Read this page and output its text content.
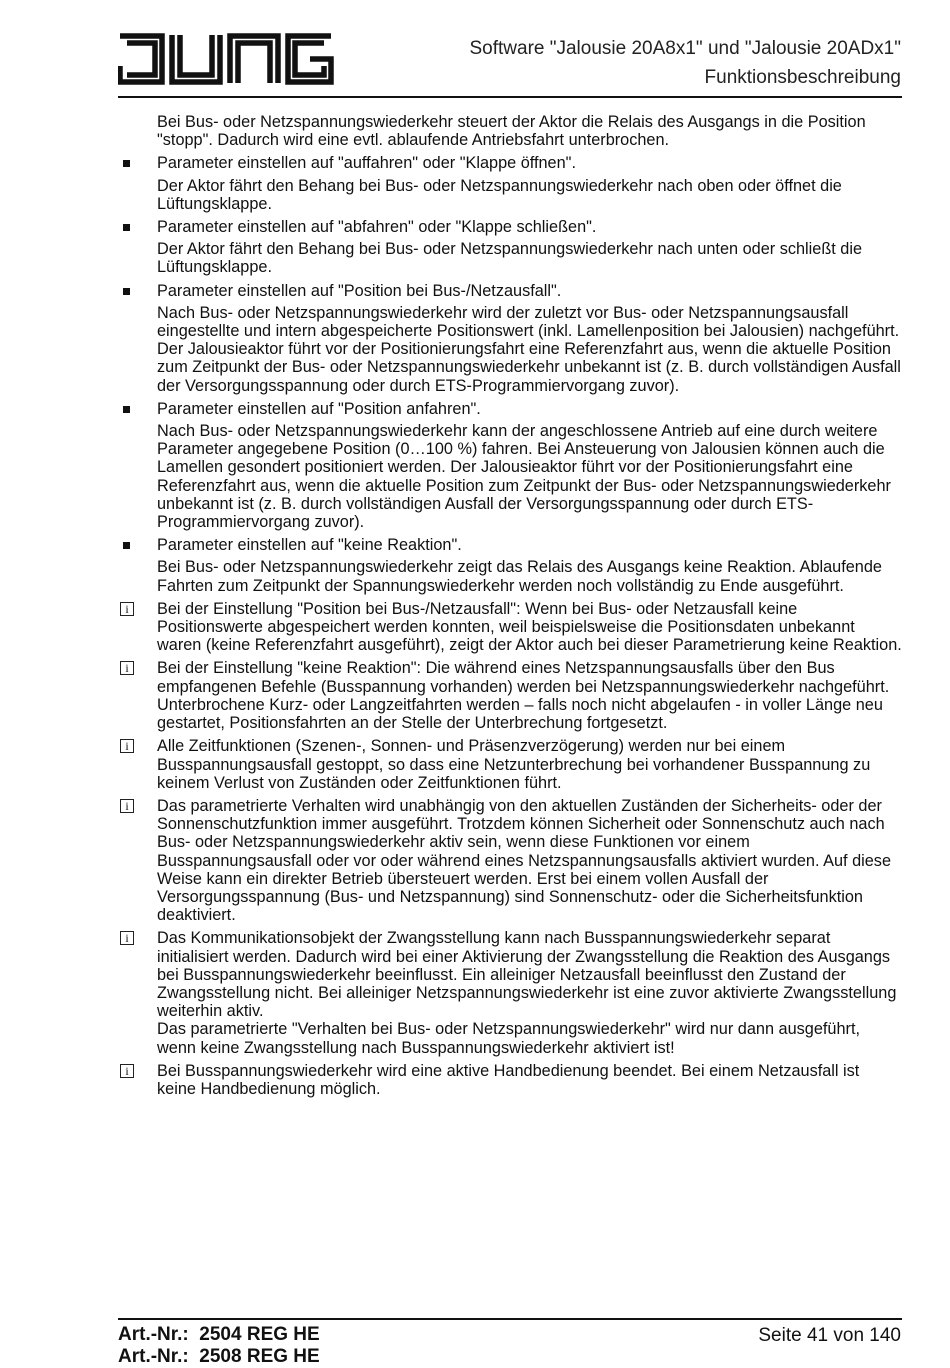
Software "Jalousie 20A8x1" und "Jalousie 20ADx1"
Funktionsbeschreibung
Bei Bus- oder Netzspannungswiederkehr steuert der Aktor die Relais des Ausgangs in die Position "stopp". Dadurch wird eine evtl. ablaufende Antriebsfahrt unterbrochen.
Parameter einstellen auf "auffahren" oder "Klappe öffnen".
Der Aktor fährt den Behang bei Bus- oder Netzspannungswiederkehr nach oben oder öffnet die Lüftungsklappe.
Parameter einstellen auf "abfahren" oder "Klappe schließen".
Der Aktor fährt den Behang bei Bus- oder Netzspannungswiederkehr nach unten oder schließt die Lüftungsklappe.
Parameter einstellen auf "Position bei Bus-/Netzausfall".
Nach Bus- oder Netzspannungswiederkehr wird der zuletzt vor Bus- oder Netzspannungsausfall eingestellte und intern abgespeicherte Positionswert (inkl. Lamellenposition bei Jalousien) nachgeführt. Der Jalousieaktor führt vor der Positionierungsfahrt eine Referenzfahrt aus, wenn die aktuelle Position zum Zeitpunkt der Bus- oder Netzspannungswiederkehr unbekannt ist (z. B. durch vollständigen Ausfall der Versorgungsspannung oder durch ETS-Programmiervorgang zuvor).
Parameter einstellen auf "Position anfahren".
Nach Bus- oder Netzspannungswiederkehr kann der angeschlossene Antrieb auf eine durch weitere Parameter angegebene Position (0…100 %) fahren. Bei Ansteuerung von Jalousien können auch die Lamellen gesondert positioniert werden. Der Jalousieaktor führt vor der Positionierungsfahrt eine Referenzfahrt aus, wenn die aktuelle Position zum Zeitpunkt der Bus- oder Netzspannungswiederkehr unbekannt ist (z. B. durch vollständigen Ausfall der Versorgungsspannung oder durch ETS-Programmiervorgang zuvor).
Parameter einstellen auf "keine Reaktion".
Bei Bus- oder Netzspannungswiederkehr zeigt das Relais des Ausgangs keine Reaktion. Ablaufende Fahrten zum Zeitpunkt der Spannungswiederkehr werden noch vollständig zu Ende ausgeführt.
i	Bei der Einstellung "Position bei Bus-/Netzausfall": Wenn bei Bus- oder Netzausfall keine Positionswerte abgespeichert werden konnten, weil beispielsweise die Positionsdaten unbekannt waren (keine Referenzfahrt ausgeführt), zeigt der Aktor auch bei dieser Parametrierung keine Reaktion.
i	Bei der Einstellung "keine Reaktion": Die während eines Netzspannungsausfalls über den Bus empfangenen Befehle (Busspannung vorhanden) werden bei Netzspannungswiederkehr nachgeführt. Unterbrochene Kurz- oder Langzeitfahrten werden – falls noch nicht abgelaufen - in voller Länge neu gestartet, Positionsfahrten an der Stelle der Unterbrechung fortgesetzt.
i	Alle Zeitfunktionen (Szenen-, Sonnen- und Präsenzverzögerung) werden nur bei einem Busspannungsausfall gestoppt, so dass eine Netzunterbrechung bei vorhandener Busspannung zu keinem Verlust von Zuständen oder Zeitfunktionen führt.
i	Das parametrierte Verhalten wird unabhängig von den aktuellen Zuständen der Sicherheits- oder der Sonnenschutzfunktion immer ausgeführt. Trotzdem können Sicherheit oder Sonnenschutz auch nach Bus- oder Netzspannungswiederkehr aktiv sein, wenn diese Funktionen vor einem Busspannungsausfall oder vor oder während eines Netzspannungsausfalls aktiviert wurden. Auf diese Weise kann ein direkter Betrieb übersteuert werden. Erst bei einem vollen Ausfall der Versorgungsspannung (Bus- und Netzspannung) sind Sonnenschutz- oder die Sicherheitsfunktion deaktiviert.
i	Das Kommunikationsobjekt der Zwangsstellung kann nach Busspannungswiederkehr separat initialisiert werden. Dadurch wird bei einer Aktivierung der Zwangsstellung die Reaktion des Ausgangs bei Busspannungswiederkehr beeinflusst. Ein alleiniger Netzausfall beeinflusst den Zustand der Zwangsstellung nicht. Bei alleiniger Netzspannungswiederkehr ist eine zuvor aktivierte Zwangsstellung weiterhin aktiv.
Das parametrierte "Verhalten bei Bus- oder Netzspannungswiederkehr" wird nur dann ausgeführt, wenn keine Zwangsstellung nach Busspannungswiederkehr aktiviert ist!
i	Bei Busspannungswiederkehr wird eine aktive Handbedienung beendet. Bei einem Netzausfall ist keine Handbedienung möglich.
Art.-Nr.: 2504 REG HE
Art.-Nr.: 2508 REG HE
Seite 41 von 140
